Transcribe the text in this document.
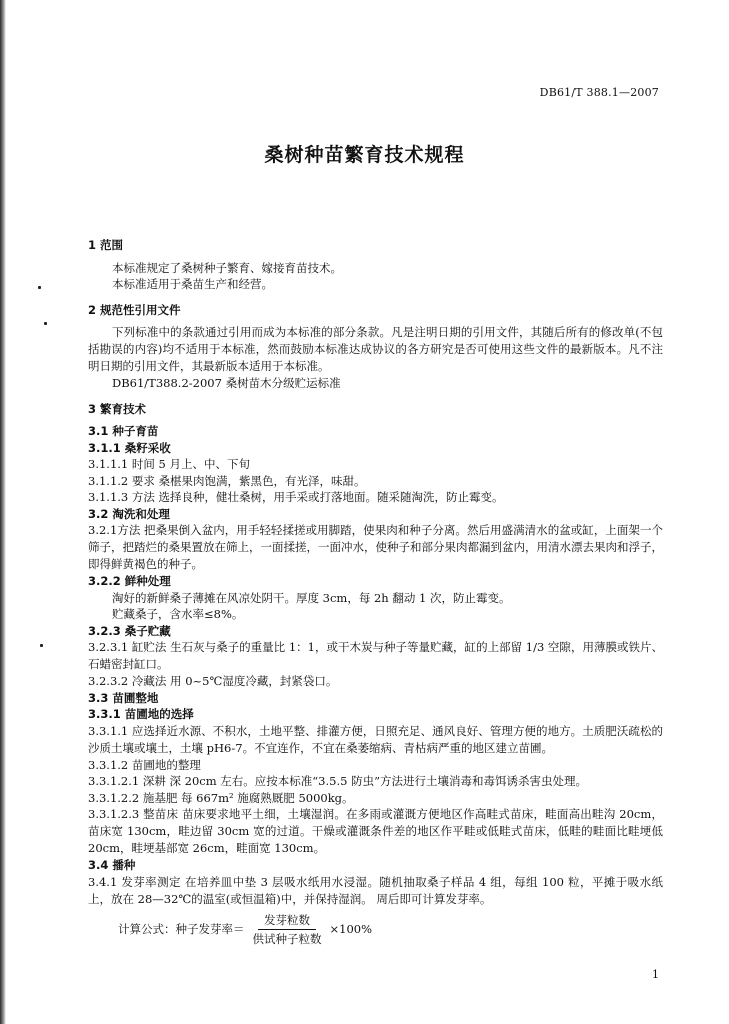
DB61/T 388.1—2007
桑树种苗繁育技术规程
1 范围
本标准规定了桑树种子繁育、嫁接育苗技术。
本标准适用于桑苗生产和经营。
2 规范性引用文件
下列标准中的条款通过引用而成为本标准的部分条款。凡是注明日期的引用文件，其随后所有的修改单(不包括勘误的内容)均不适用于本标准，然而鼓励本标准达成协议的各方研究是否可使用这些文件的最新版本。凡不注明日期的引用文件，其最新版本适用于本标准。
DB61/T388.2-2007 桑树苗木分级贮运标准
3 繁育技术
3.1 种子育苗
3.1.1 桑籽采收
3.1.1.1 时间 5 月上、中、下旬
3.1.1.2 要求 桑椹果肉饱满，紫黑色，有光泽，味甜。
3.1.1.3 方法 选择良种，健壮桑树，用手采或打落地面。随采随淘洗，防止霉变。
3.2 淘洗和处理
3.2.1方法 把桑果倒入盆内，用手轻轻揉搓或用脚踏，使果肉和种子分离。然后用盛满清水的盆或缸，上面架一个筛子，把踏烂的桑果置放在筛上，一面揉搓，一面冲水，使种子和部分果肉都漏到盆内，用清水漂去果肉和浮子，即得鲜黄褐色的种子。
3.2.2 鲜种处理
淘好的新鲜桑子薄摊在风凉处阴干。厚度 3cm，每 2h 翻动 1 次，防止霉变。
贮藏桑子，含水率≤8%。
3.2.3 桑子贮藏
3.2.3.1 缸贮法 生石灰与桑子的重量比 1：1，或干木炭与种子等量贮藏，缸的上部留 1/3 空隙，用薄膜或铁片、石蜡密封缸口。
3.2.3.2 冷藏法 用 0~5℃湿度冷藏，封紧袋口。
3.3 苗圃整地
3.3.1 苗圃地的选择
3.3.1.1 应选择近水源、不积水，土地平整、排灌方便，日照充足、通风良好、管理方便的地方。土质肥沃疏松的沙质土壤或壤土，土壤 pH6-7。不宜连作，不宜在桑萎缩病、青枯病严重的地区建立苗圃。
3.3.1.2 苗圃地的整理
3.3.1.2.1 深耕 深 20cm 左右。应按本标准“3.5.5 防虫”方法进行土壤消毒和毒饵诱杀害虫处理。
3.3.1.2.2 施基肥 每 667m² 施腐熟厩肥 5000kg。
3.3.1.2.3 整苗床 苗床要求地平土细，土壤湿润。在多雨或灌溉方便地区作高畦式苗床，畦面高出畦沟 20cm，苗床宽 130cm，畦边留 30cm 宽的过道。干燥或灌溉条件差的地区作平畦或低畦式苗床，低畦的畦面比畦埂低 20cm，畦埂基部宽 26cm，畦面宽 130cm。
3.4 播种
3.4.1 发芽率测定 在培养皿中垫 3 层吸水纸用水浸湿。随机抽取桑子样品 4 组，每组 100 粒，平摊于吸水纸上，放在 28—32℃的温室(或恒温箱)中，并保持湿润。 周后即可计算发芽率。
计算公式：种子发芽率＝ $\frac{\text{发芽粒数}}{\text{供试种子粒数}} \times 100\%$
1
